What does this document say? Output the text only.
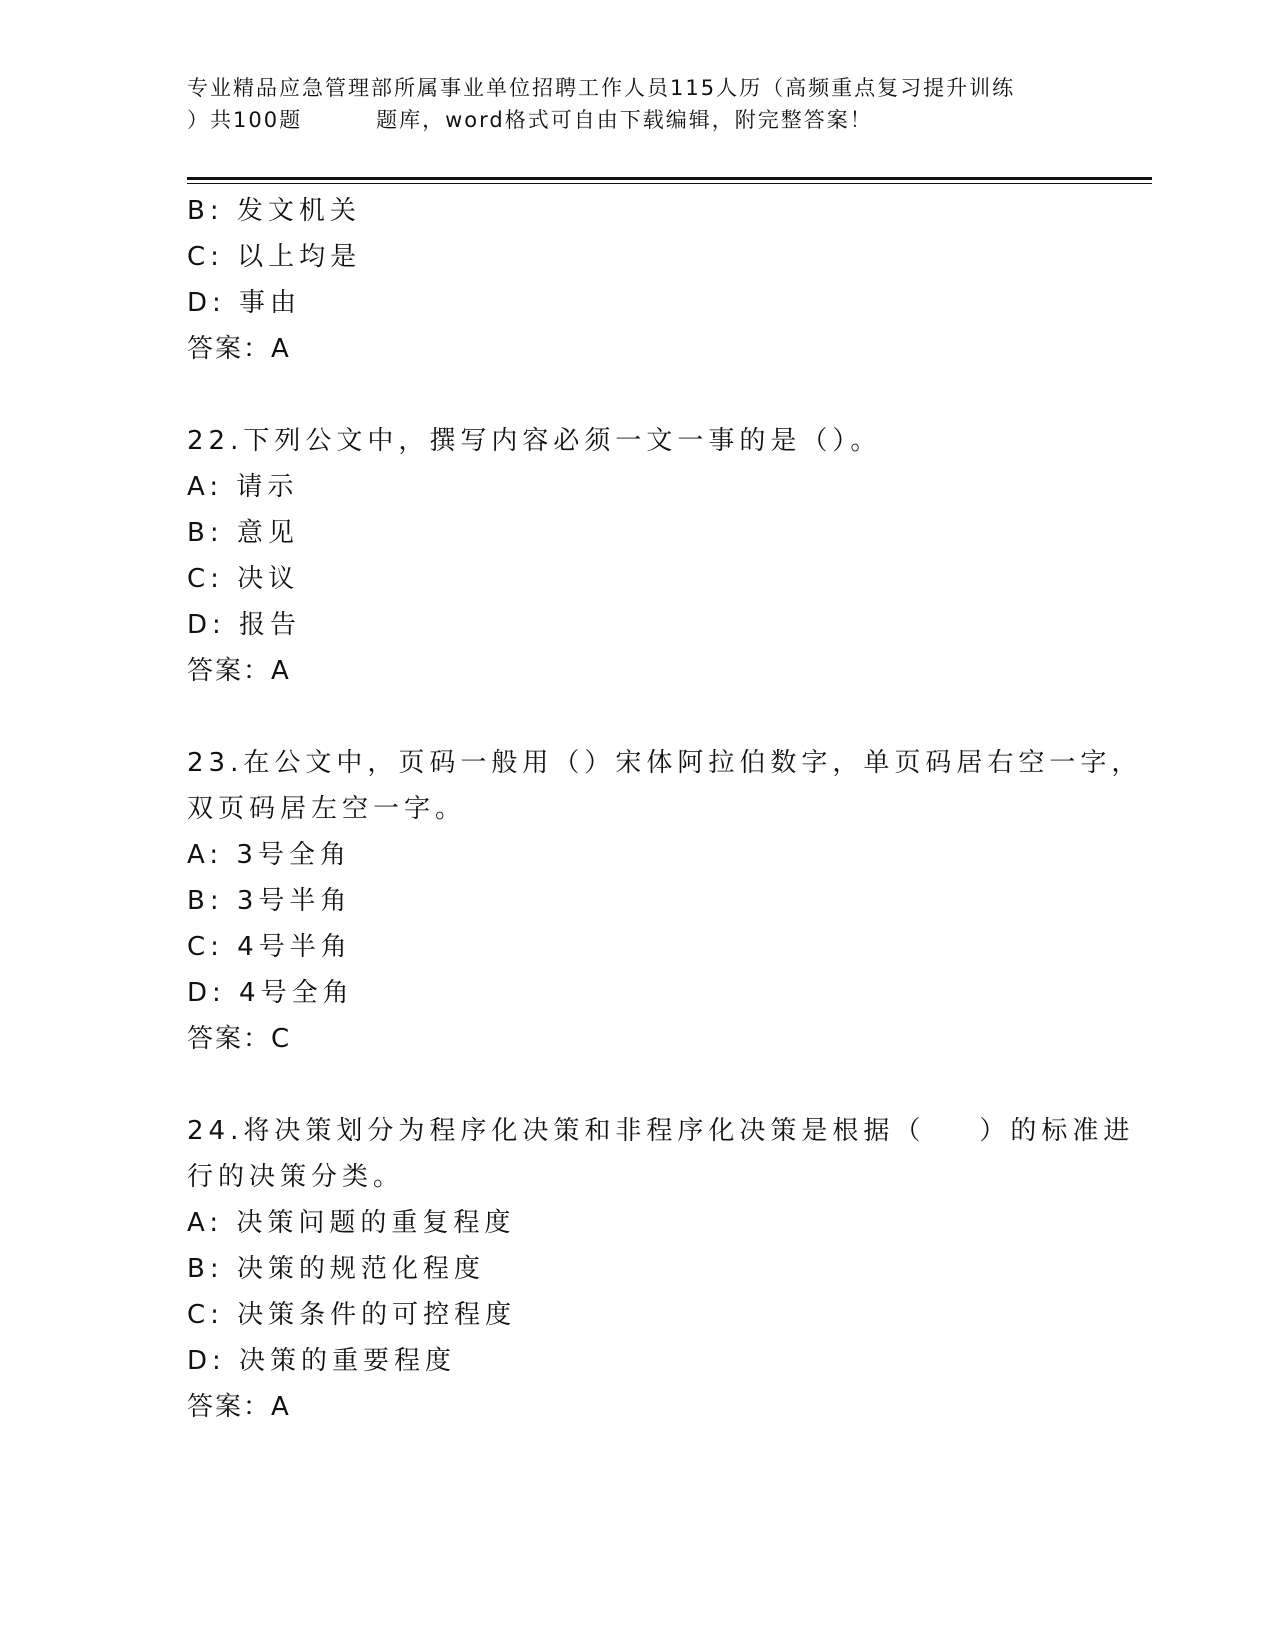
专业精品应急管理部所属事业单位招聘工作人员115人历（高频重点复习提升训练
）共100题	题库，word格式可自由下载编辑，附完整答案！
B: 发文机关
C: 以上均是
D: 事由
答案：A
22.下列公文中，撰写内容必须一文一事的是（）。
A: 请示
B: 意见
C: 决议
D: 报告
答案：A
23.在公文中，页码一般用（）宋体阿拉伯数字，单页码居右空一字，
双页码居左空一字。
A: 3号全角
B: 3号半角
C: 4号半角
D: 4号全角
答案：C
24.将决策划分为程序化决策和非程序化决策是根据（ ）的标准进
行的决策分类。
A: 决策问题的重复程度
B: 决策的规范化程度
C: 决策条件的可控程度
D: 决策的重要程度
答案：A
